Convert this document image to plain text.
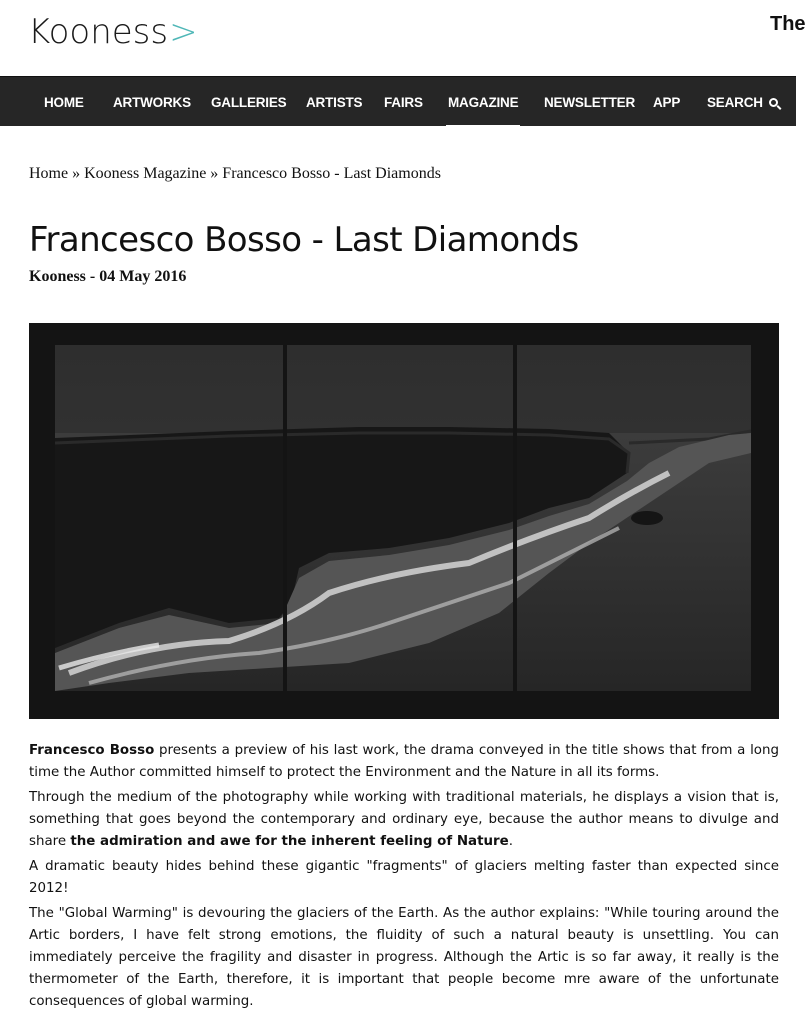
Kooness>	The
HOME ARTWORKS GALLERIES ARTISTS FAIRS MAGAZINE NEWSLETTER APP SEARCH
Home » Kooness Magazine » Francesco Bosso - Last Diamonds
Francesco Bosso - Last Diamonds
Kooness - 04 May 2016

Francesco Bosso presents a preview of his last work, the drama conveyed in the title shows that from a long time the Author committed himself to protect the Environment and the Nature in all its forms.

Through the medium of the photography while working with traditional materials, he displays a vision that is, something that goes beyond the contemporary and ordinary eye, because the author means to divulge and share the admiration and awe for the inherent feeling of Nature.

A dramatic beauty hides behind these gigantic "fragments" of glaciers melting faster than expected since 2012!

The "Global Warming" is devouring the glaciers of the Earth. As the author explains: "While touring around the Artic borders, I have felt strong emotions, the fluidity of such a natural beauty is unsettling. You can immediately perceive the fragility and disaster in progress. Although the Artic is so far away, it really is the thermometer of the Earth, therefore, it is important that people become mre aware of the unfortunate consequences of global warming.
